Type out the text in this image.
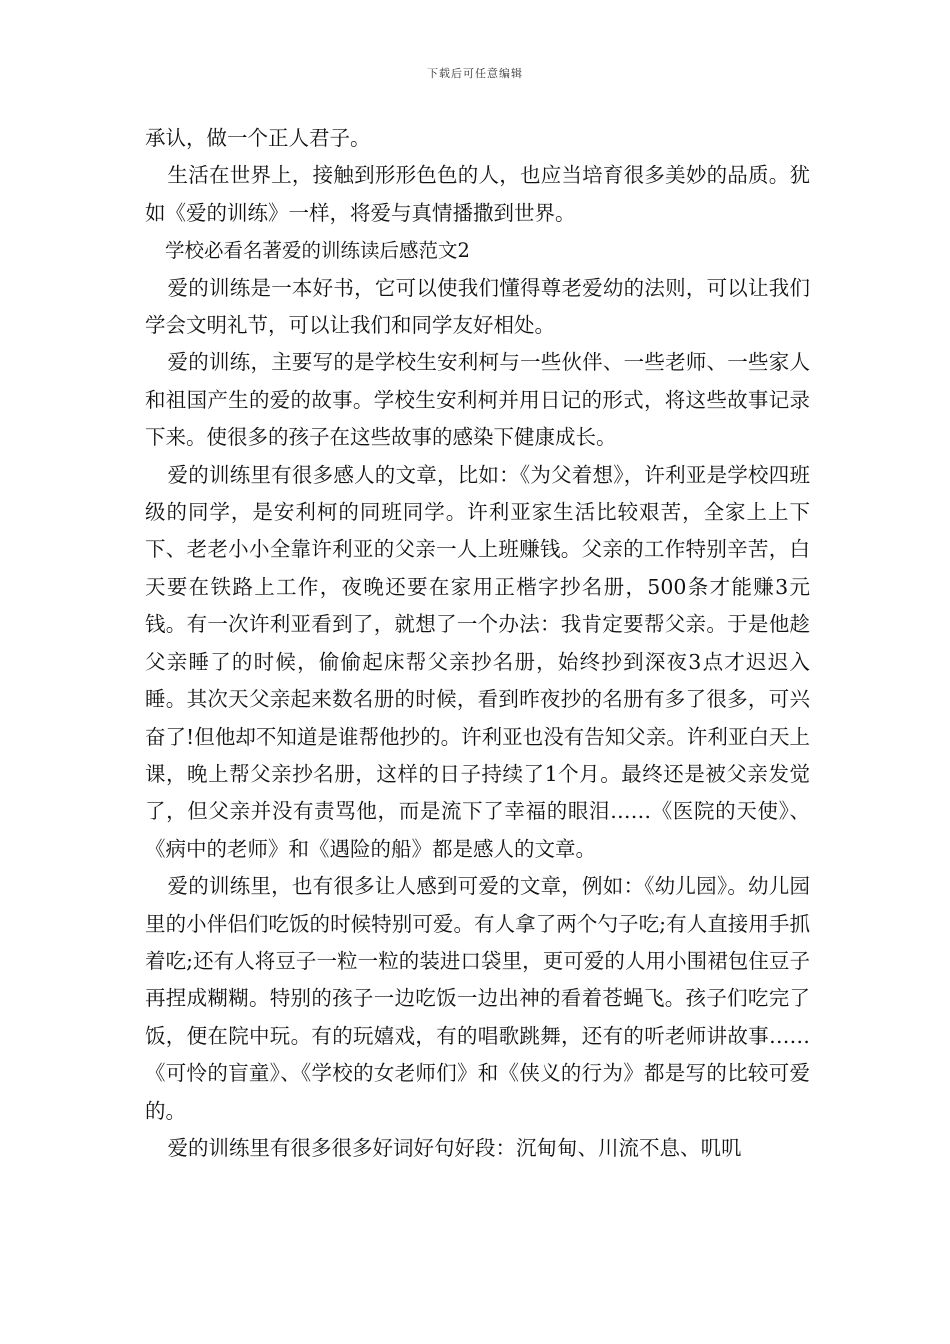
下载后可任意编辑

承认，做一个正人君子。

生活在世界上，接触到形形色色的人，也应当培育很多美妙的品质。犹如《爱的训练》一样，将爱与真情播撒到世界。

学校必看名著爱的训练读后感范文2

爱的训练是一本好书，它可以使我们懂得尊老爱幼的法则，可以让我们学会文明礼节，可以让我们和同学友好相处。

爱的训练，主要写的是学校生安利柯与一些伙伴、一些老师、一些家人和祖国产生的爱的故事。学校生安利柯并用日记的形式，将这些故事记录下来。使很多的孩子在这些故事的感染下健康成长。

爱的训练里有很多感人的文章，比如：《为父着想》，许利亚是学校四班级的同学，是安利柯的同班同学。许利亚家生活比较艰苦，全家上上下下、老老小小全靠许利亚的父亲一人上班赚钱。父亲的工作特别辛苦，白天要在铁路上工作，夜晚还要在家用正楷字抄名册，500条才能赚3元钱。有一次许利亚看到了，就想了一个办法：我肯定要帮父亲。于是他趁父亲睡了的时候，偷偷起床帮父亲抄名册，始终抄到深夜3点才迟迟入睡。其次天父亲起来数名册的时候，看到昨夜抄的名册有多了很多，可兴奋了!但他却不知道是谁帮他抄的。许利亚也没有告知父亲。许利亚白天上课，晚上帮父亲抄名册，这样的日子持续了1个月。最终还是被父亲发觉了，但父亲并没有责骂他，而是流下了幸福的眼泪……《医院的天使》、《病中的老师》和《遇险的船》都是感人的文章。

爱的训练里，也有很多让人感到可爱的文章，例如：《幼儿园》。幼儿园里的小伴侣们吃饭的时候特别可爱。有人拿了两个勺子吃;有人直接用手抓着吃;还有人将豆子一粒一粒的装进口袋里，更可爱的人用小围裙包住豆子再捏成糊糊。特别的孩子一边吃饭一边出神的看着苍蝇飞。孩子们吃完了饭，便在院中玩。有的玩嬉戏，有的唱歌跳舞，还有的听老师讲故事……《可怜的盲童》、《学校的女老师们》和《侠义的行为》都是写的比较可爱的。

爱的训练里有很多很多好词好句好段：沉甸甸、川流不息、叽叽
